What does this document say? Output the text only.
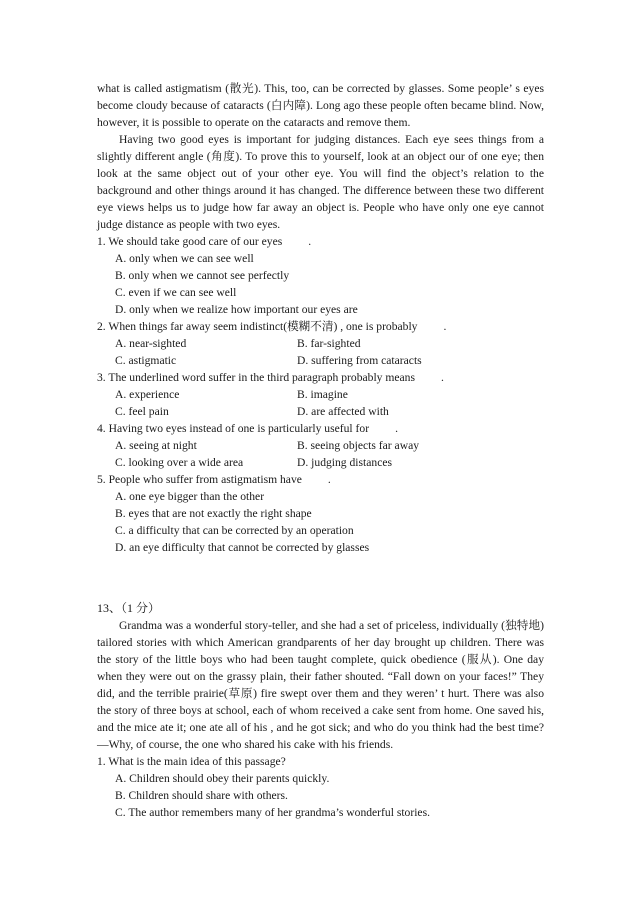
what is called astigmatism (散光). This, too, can be corrected by glasses. Some people’ s eyes become cloudy because of cataracts (白内障). Long ago these people often became blind. Now, however, it is possible to operate on the cataracts and remove them.

Having two good eyes is important for judging distances. Each eye sees things from a slightly different angle (角度). To prove this to yourself, look at an object our of one eye; then look at the same object out of your other eye. You will find the object’s relation to the background and other things around it has changed. The difference between these two different eye views helps us to judge how far away an object is. People who have only one eye cannot judge distance as people with two eyes.

1. We should take good care of our eyes .
A. only when we can see well
B. only when we cannot see perfectly
C. even if we can see well
D. only when we realize how important our eyes are
2. When things far away seem indistinct(模糊不清) , one is probably .
A. near-sighted	B. far-sighted
C. astigmatic	D. suffering from cataracts
3. The underlined word suffer in the third paragraph probably means .
A. experience	B. imagine
C. feel pain	D. are affected with
4. Having two eyes instead of one is particularly useful for .
A. seeing at night	B. seeing objects far away
C. looking over a wide area	D. judging distances
5. People who suffer from astigmatism have .
A. one eye bigger than the other
B. eyes that are not exactly the right shape
C. a difficulty that can be corrected by an operation
D. an eye difficulty that cannot be corrected by glasses
13、（1 分）

Grandma was a wonderful story-teller, and she had a set of priceless, individually (独特地) tailored stories with which American grandparents of her day brought up children. There was the story of the little boys who had been taught complete, quick obedience (服从). One day when they were out on the grassy plain, their father shouted. “Fall down on your faces!” They did, and the terrible prairie(草原) fire swept over them and they weren’ t hurt. There was also the story of three boys at school, each of whom received a cake sent from home. One saved his, and the mice ate it; one ate all of his , and he got sick; and who do you think had the best time? —Why, of course, the one who shared his cake with his friends.

1. What is the main idea of this passage?
A. Children should obey their parents quickly.
B. Children should share with others.
C. The author remembers many of her grandma’s wonderful stories.
